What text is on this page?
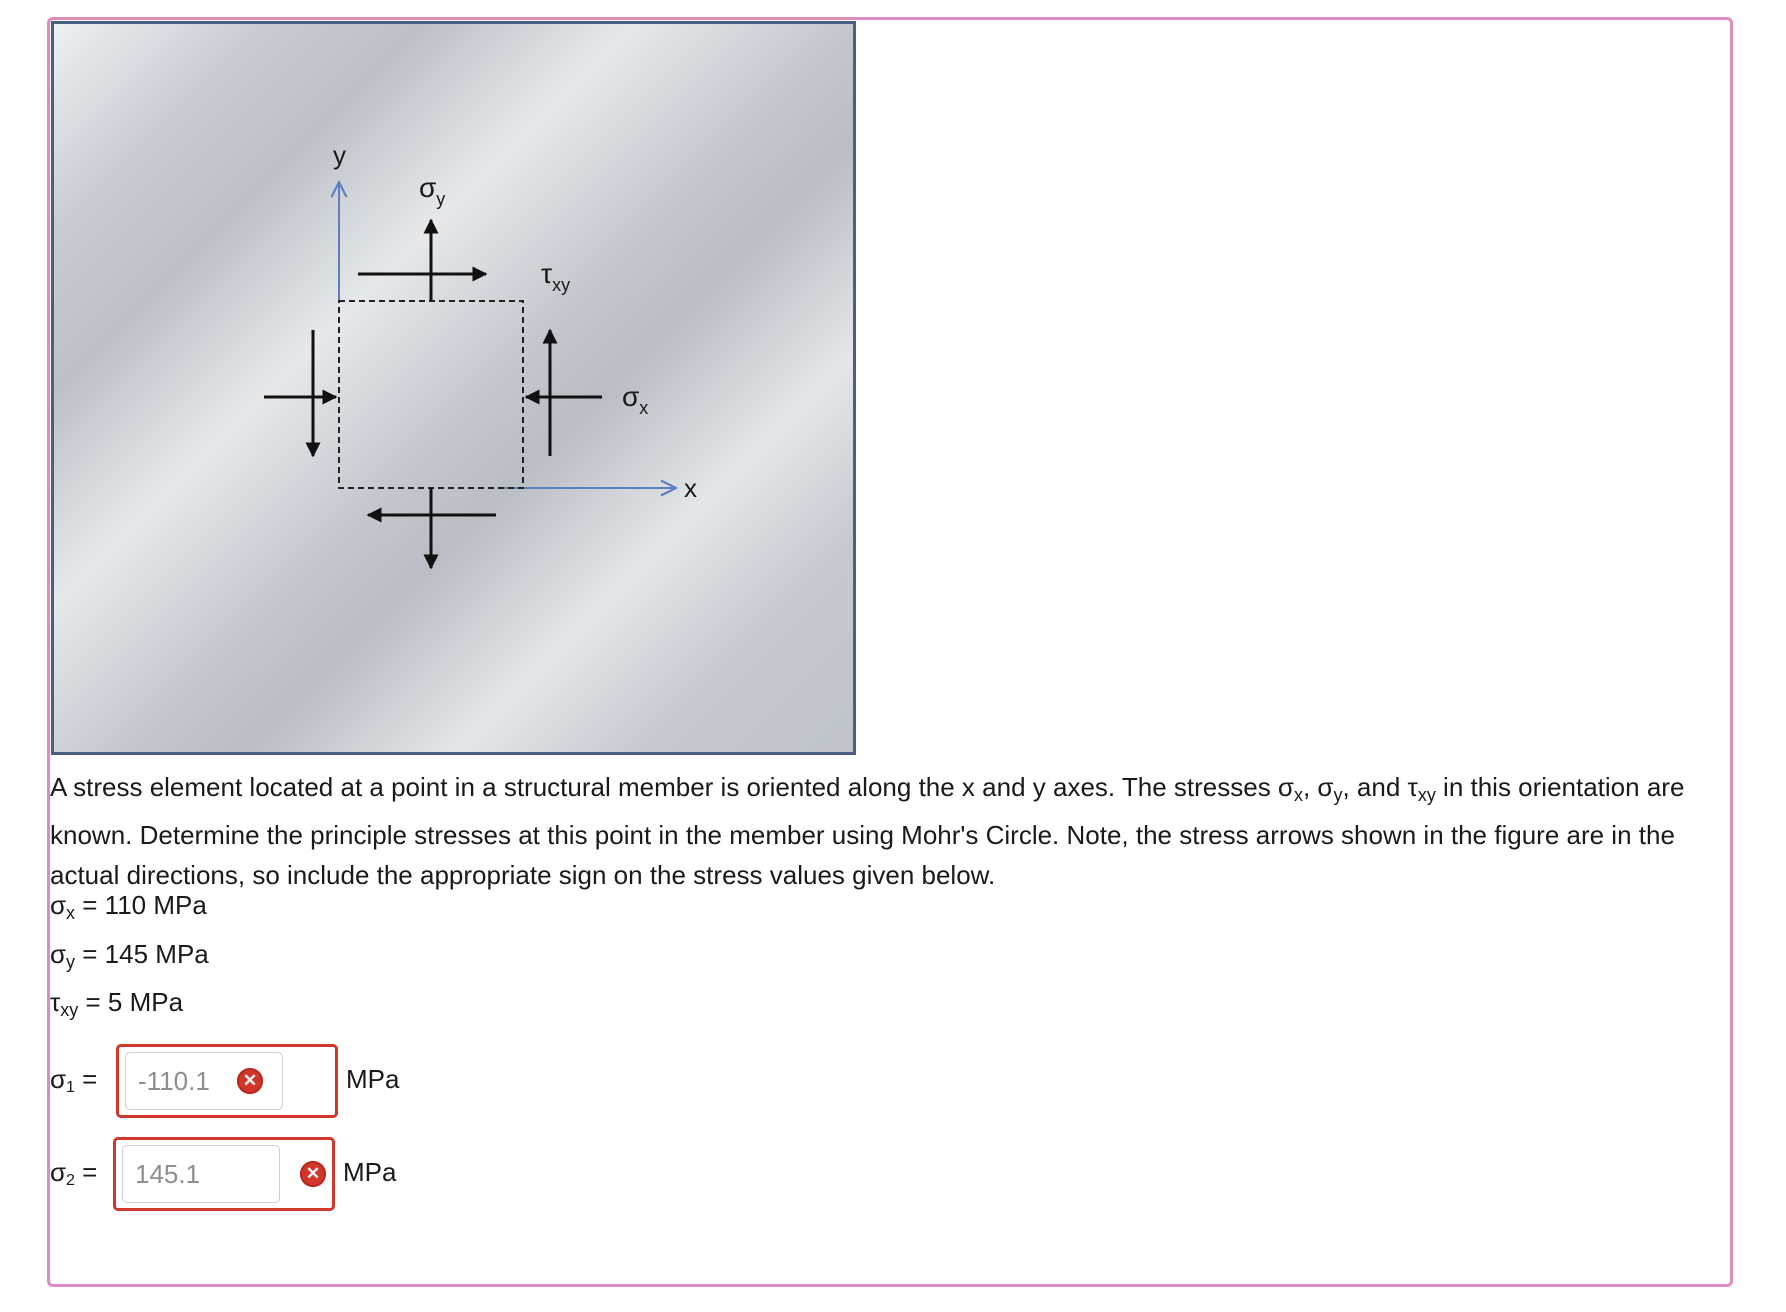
y
x
$\sigma_y$
$\tau_{xy}$
$\sigma_x$

A stress element located at a point in a structural member is oriented along the x and y axes. The stresses $\sigma_x$, $\sigma_y$, and $\tau_{xy}$ in this orientation are known. Determine the principle stresses at this point in the member using Mohr's Circle. Note, the stress arrows shown in the figure are in the actual directions, so include the appropriate sign on the stress values given below.

$\sigma_x = 110$ MPa
$\sigma_y = 145$ MPa
$\tau_{xy} = 5$ MPa
$\sigma_1$ =
-110.1	✕	MPa
$\sigma_2$ =
145.1	✕ MPa
